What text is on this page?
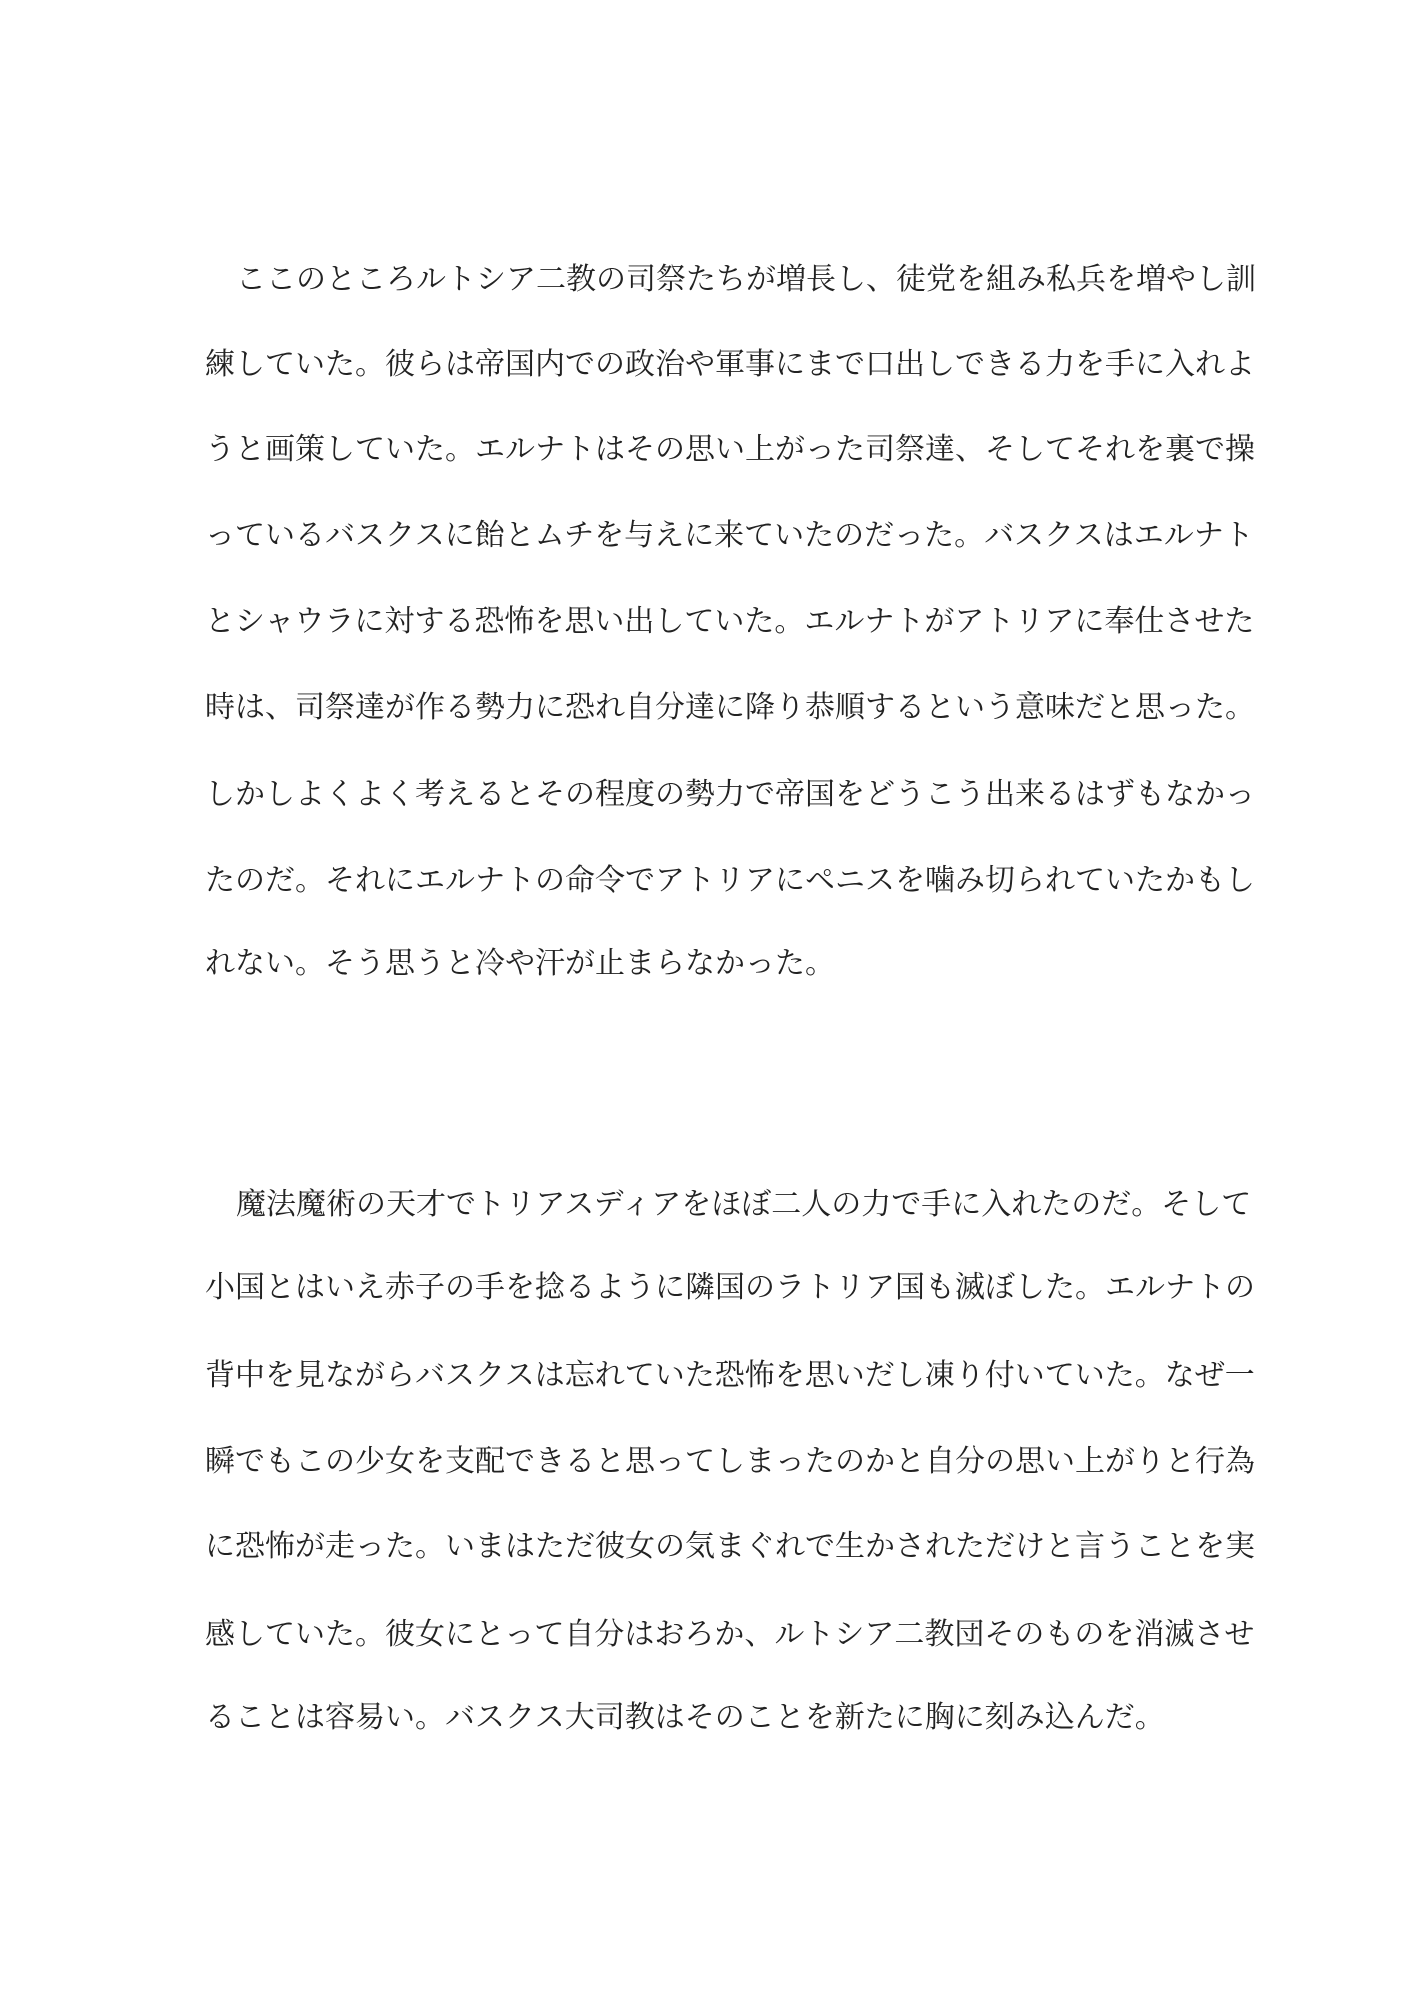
ここのところルトシア二教の司祭たちが増長し、徒党を組み私兵を増やし訓
練していた。彼らは帝国内での政治や軍事にまで口出しできる力を手に入れよ
うと画策していた。エルナトはその思い上がった司祭達、そしてそれを裏で操
っているバスクスに飴とムチを与えに来ていたのだった。バスクスはエルナト
とシャウラに対する恐怖を思い出していた。エルナトがアトリアに奉仕させた
時は、司祭達が作る勢力に恐れ自分達に降り恭順するという意味だと思った。
しかしよくよく考えるとその程度の勢力で帝国をどうこう出来るはずもなかっ
たのだ。それにエルナトの命令でアトリアにペニスを噛み切られていたかもし
れない。そう思うと冷や汗が止まらなかった。
魔法魔術の天才でトリアスディアをほぼ二人の力で手に入れたのだ。そして
小国とはいえ赤子の手を捻るように隣国のラトリア国も滅ぼした。エルナトの
背中を見ながらバスクスは忘れていた恐怖を思いだし凍り付いていた。なぜ一
瞬でもこの少女を支配できると思ってしまったのかと自分の思い上がりと行為
に恐怖が走った。いまはただ彼女の気まぐれで生かされただけと言うことを実
感していた。彼女にとって自分はおろか、ルトシア二教団そのものを消滅させ
ることは容易い。バスクス大司教はそのことを新たに胸に刻み込んだ。
